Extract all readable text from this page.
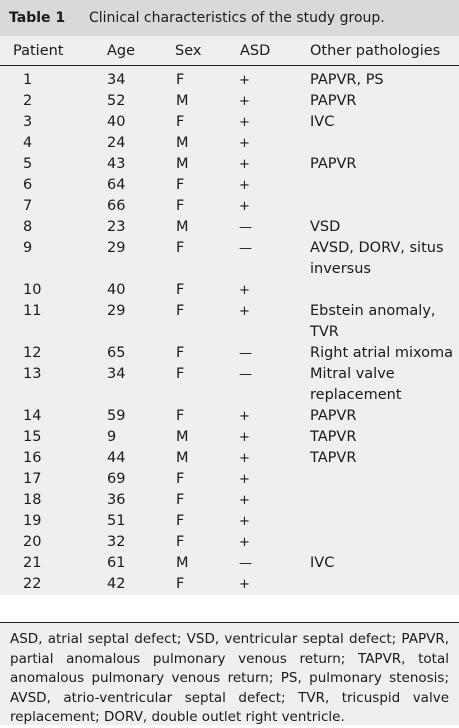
Table 1	Clinical characteristics of the study group.
Patient	Age	Sex	ASD	Other pathologies
1	34	F	+	PAPVR, PS
2	52	M	+	PAPVR
3	40	F	+	IVC
4	24	M	+
5	43	M	+	PAPVR
6	64	F	+
7	66	F	+
8	23	M	—	VSD
9	29	F	—	AVSD, DORV, situs inversus
10	40	F	+
11	29	F	+	Ebstein anomaly, TVR
12	65	F	—	Right atrial mixoma
13	34	F	—	Mitral valve replacement
14	59	F	+	PAPVR
15	9	M	+	TAPVR
16	44	M	+	TAPVR
17	69	F	+
18	36	F	+
19	51	F	+
20	32	F	+
21	61	M	—	IVC
22	42	F	+
ASD, atrial septal defect; VSD, ventricular septal defect; PAPVR, partial anomalous pulmonary venous return; TAPVR, total anomalous pulmonary venous return; PS, pulmonary stenosis; AVSD, atrio-ventricular septal defect; TVR, tricuspid valve replacement; DORV, double outlet right ventricle.
